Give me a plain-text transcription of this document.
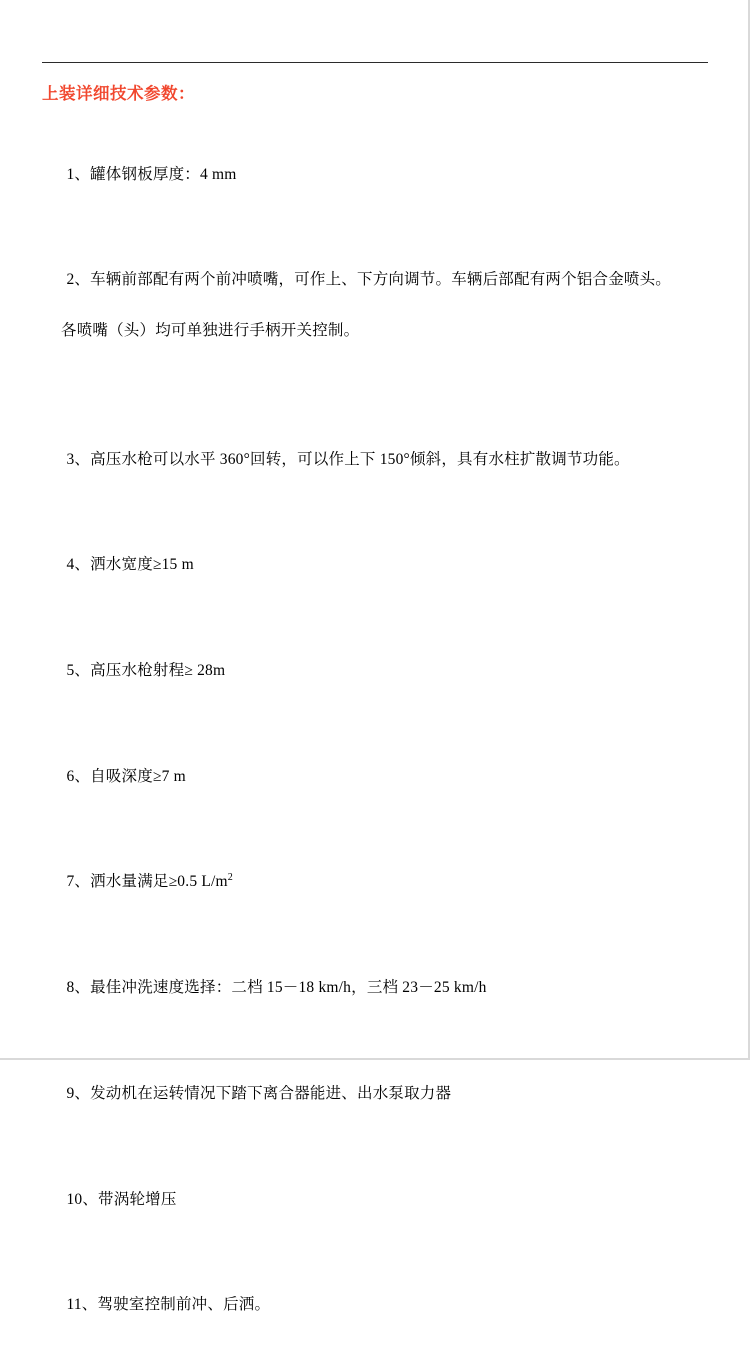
上装详细技术参数：

1、罐体钢板厚度：4 mm

2、车辆前部配有两个前冲喷嘴，可作上、下方向调节。车辆后部配有两个铝合金喷头。

各喷嘴（头）均可单独进行手柄开关控制。

3、高压水枪可以水平 360°回转，可以作上下 150°倾斜，具有水柱扩散调节功能。

4、洒水宽度≥15 m

5、高压水枪射程≥ 28m

6、自吸深度≥7 m

7、洒水量满足≥0.5 $L/m^2$

8、最佳冲洗速度选择：二档 15－18 km/h，三档 23－25 km/h

9、发动机在运转情况下踏下离合器能进、出水泵取力器

10、带涡轮增压

11、驾驶室控制前冲、后洒。
